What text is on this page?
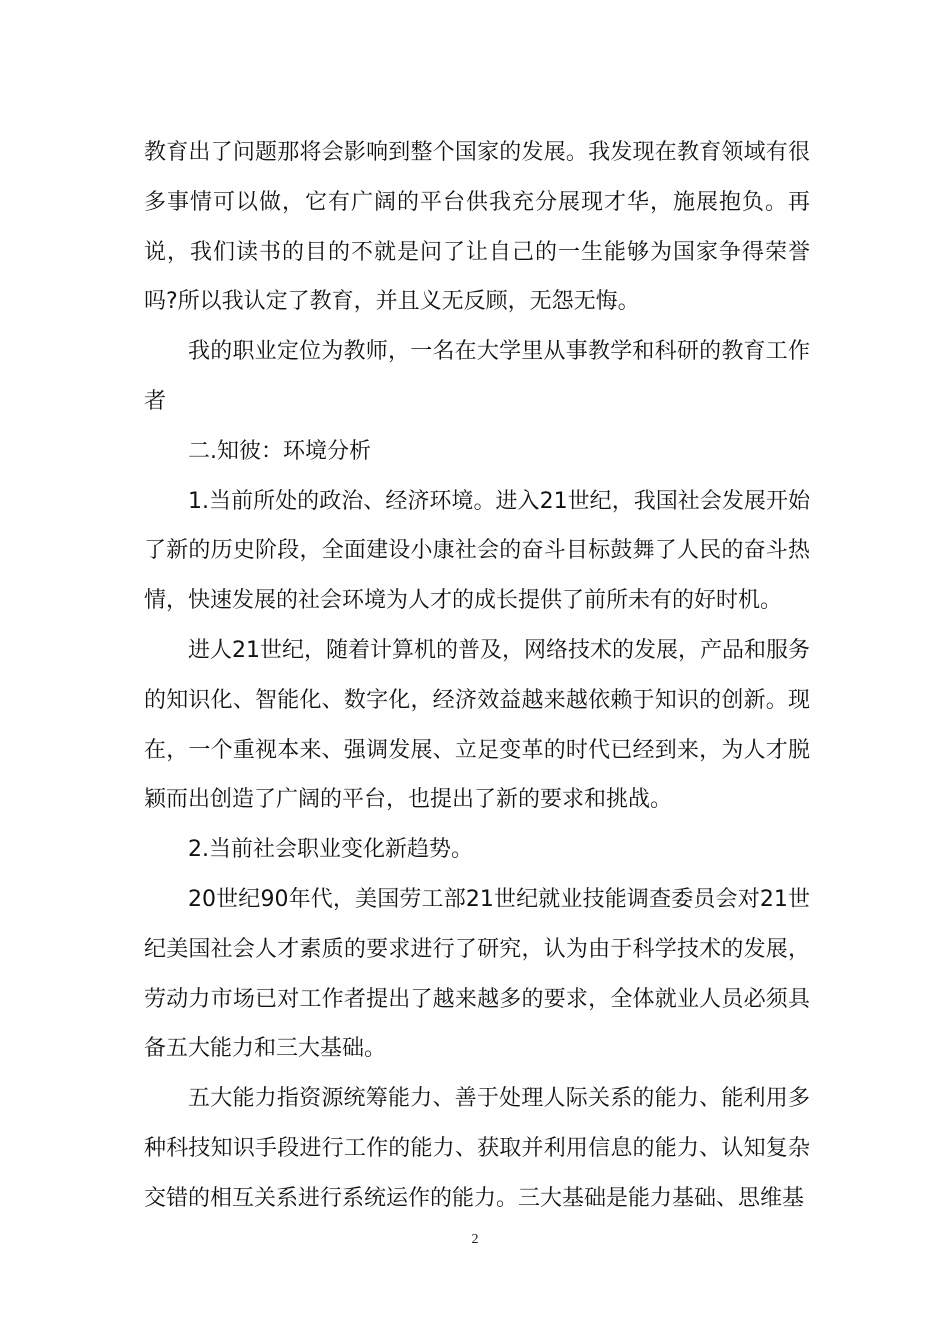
教育出了问题那将会影响到整个国家的发展。我发现在教育领域有很多事情可以做，它有广阔的平台供我充分展现才华，施展抱负。再说，我们读书的目的不就是问了让自己的一生能够为国家争得荣誉吗?所以我认定了教育，并且义无反顾，无怨无悔。

我的职业定位为教师，一名在大学里从事教学和科研的教育工作者

二.知彼：环境分析

1.当前所处的政治、经济环境。进入21世纪，我国社会发展开始了新的历史阶段，全面建设小康社会的奋斗目标鼓舞了人民的奋斗热情，快速发展的社会环境为人才的成长提供了前所未有的好时机。

进人21世纪，随着计算机的普及，网络技术的发展，产品和服务的知识化、智能化、数字化，经济效益越来越依赖于知识的创新。现在，一个重视本来、强调发展、立足变革的时代已经到来，为人才脱颖而出创造了广阔的平台，也提出了新的要求和挑战。

2.当前社会职业变化新趋势。

20世纪90年代，美国劳工部21世纪就业技能调查委员会对21世纪美国社会人才素质的要求进行了研究，认为由于科学技术的发展，劳动力市场已对工作者提出了越来越多的要求，全体就业人员必须具备五大能力和三大基础。

五大能力指资源统筹能力、善于处理人际关系的能力、能利用多种科技知识手段进行工作的能力、获取并利用信息的能力、认知复杂交错的相互关系进行系统运作的能力。三大基础是能力基础、思维基

2
